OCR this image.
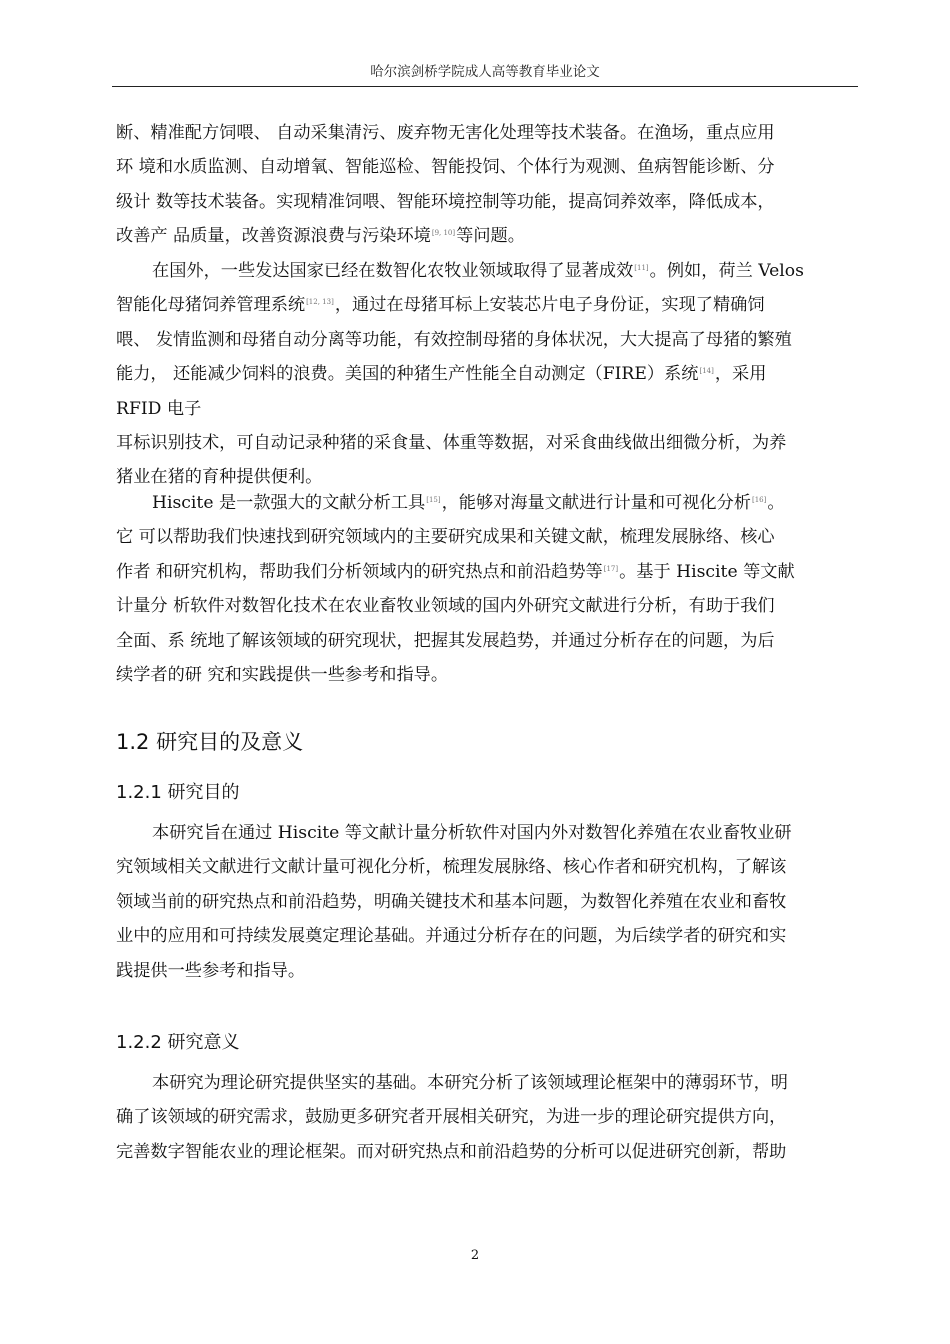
哈尔滨剑桥学院成人高等教育毕业论文

断、精准配方饲喂、 自动采集清污、废弃物无害化处理等技术装备。在渔场，重点应用
环 境和水质监测、自动增氧、智能巡检、智能投饲、个体行为观测、鱼病智能诊断、分
级计 数等技术装备。实现精准饲喂、智能环境控制等功能，提高饲养效率，降低成本，
改善产 品质量，改善资源浪费与污染环境[9, 10]等问题。

在国外，一些发达国家已经在数智化农牧业领域取得了显著成效[11]。例如，荷兰 Velos
智能化母猪饲养管理系统[12, 13]，通过在母猪耳标上安装芯片电子身份证，实现了精确饲
喂、 发情监测和母猪自动分离等功能，有效控制母猪的身体状况，大大提高了母猪的繁殖
能力， 还能减少饲料的浪费。美国的种猪生产性能全自动测定（FIRE）系统[14]，采用
RFID 电子
耳标识别技术，可自动记录种猪的采食量、体重等数据，对采食曲线做出细微分析，为养
猪业在猪的育种提供便利。

Hiscite 是一款强大的文献分析工具[15]，能够对海量文献进行计量和可视化分析[16]。
它 可以帮助我们快速找到研究领域内的主要研究成果和关键文献，梳理发展脉络、核心
作者 和研究机构，帮助我们分析领域内的研究热点和前沿趋势等[17]。基于 Hiscite 等文献
计量分 析软件对数智化技术在农业畜牧业领域的国内外研究文献进行分析，有助于我们
全面、系 统地了解该领域的研究现状，把握其发展趋势，并通过分析存在的问题，为后
续学者的研 究和实践提供一些参考和指导。

1.2 研究目的及意义
1.2.1 研究目的

本研究旨在通过 Hiscite 等文献计量分析软件对国内外对数智化养殖在农业畜牧业研
究领域相关文献进行文献计量可视化分析，梳理发展脉络、核心作者和研究机构，了解该
领域当前的研究热点和前沿趋势，明确关键技术和基本问题，为数智化养殖在农业和畜牧
业中的应用和可持续发展奠定理论基础。并通过分析存在的问题，为后续学者的研究和实
践提供一些参考和指导。

1.2.2 研究意义

本研究为理论研究提供坚实的基础。本研究分析了该领域理论框架中的薄弱环节，明
确了该领域的研究需求，鼓励更多研究者开展相关研究，为进一步的理论研究提供方向，
完善数字智能农业的理论框架。而对研究热点和前沿趋势的分析可以促进研究创新，帮助

2
